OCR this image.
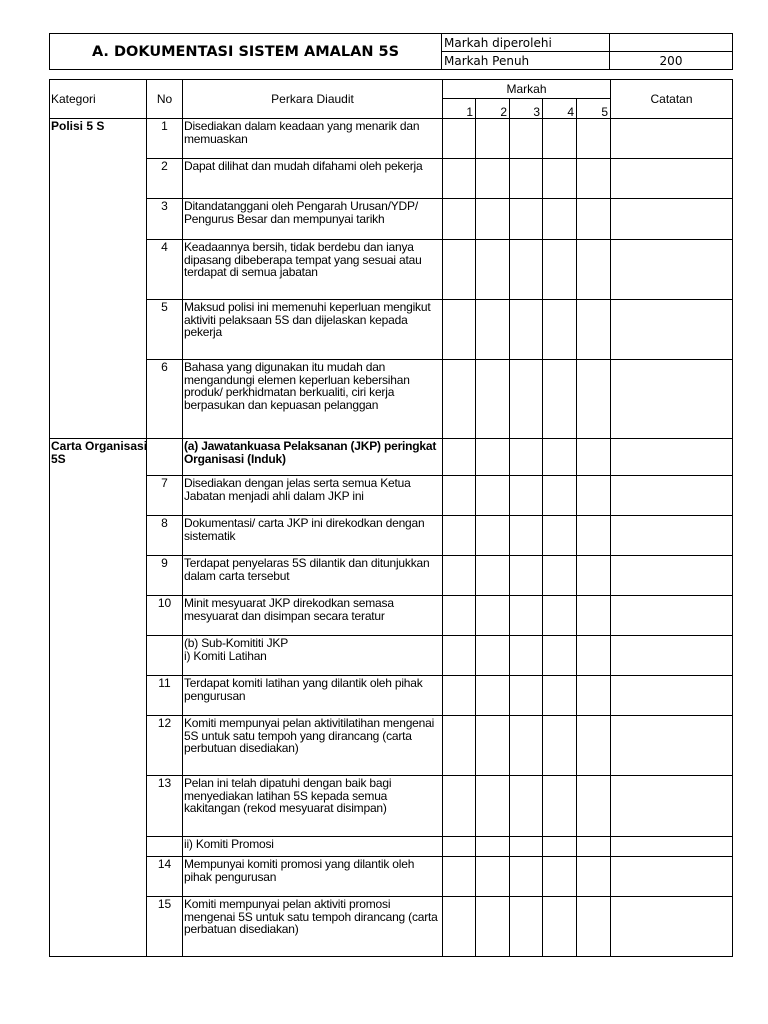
A. DOKUMENTASI SISTEM AMALAN 5S	Markah diperolehi	
	Markah Penuh	200
Kategori	No	Perkara Diaudit	Markah					Catatan
			1	2	3	4	5	
Polisi 5 S	1	Disediakan dalam keadaan yang menarik dan
memuaskan						

	2	Dapat dilihat dan mudah difahami oleh pekerja						

	3	Ditandatanggani oleh Pengarah Urusan/YDP/
Pengurus Besar dan mempunyai tarikh						

	4	Keadaannya bersih, tidak berdebu dan ianya
dipasang dibeberapa tempat yang sesuai atau
terdapat di semua jabatan						

	5	Maksud polisi ini memenuhi keperluan mengikut
aktiviti pelaksaan 5S dan dijelaskan kepada
pekerja						

	6	Bahasa yang digunakan itu mudah dan
mengandungi elemen keperluan kebersihan
produk/ perkhidmatan berkualiti, ciri kerja
berpasukan dan kepuasan pelanggan						

Carta Organisasi
5S		(a) Jawatankuasa Pelaksanan (JKP) peringkat
Organisasi (Induk)						

	7	Disediakan dengan jelas serta semua Ketua
Jabatan menjadi ahli dalam JKP ini						

	8	Dokumentasi/ carta JKP ini direkodkan dengan
sistematik						

	9	Terdapat penyelaras 5S dilantik dan ditunjukkan
dalam carta tersebut						

	10	Minit mesyuarat JKP direkodkan semasa
mesyuarat dan disimpan secara teratur						

		(b) Sub-Komititi JKP
i) Komiti Latihan						

	11	Terdapat komiti latihan yang dilantik oleh pihak
pengurusan						

	12	Komiti mempunyai pelan aktivitilatihan mengenai
5S untuk satu tempoh yang dirancang (carta
perbutuan disediakan)						

	13	Pelan ini telah dipatuhi dengan baik bagi
menyediakan latihan 5S kepada semua
kakitangan (rekod mesyuarat disimpan)						

		ii) Komiti Promosi						

	14	Mempunyai komiti promosi yang dilantik oleh
pihak pengurusan						

	15	Komiti mempunyai pelan aktiviti promosi
mengenai 5S untuk satu tempoh dirancang (carta
perbatuan disediakan)						
